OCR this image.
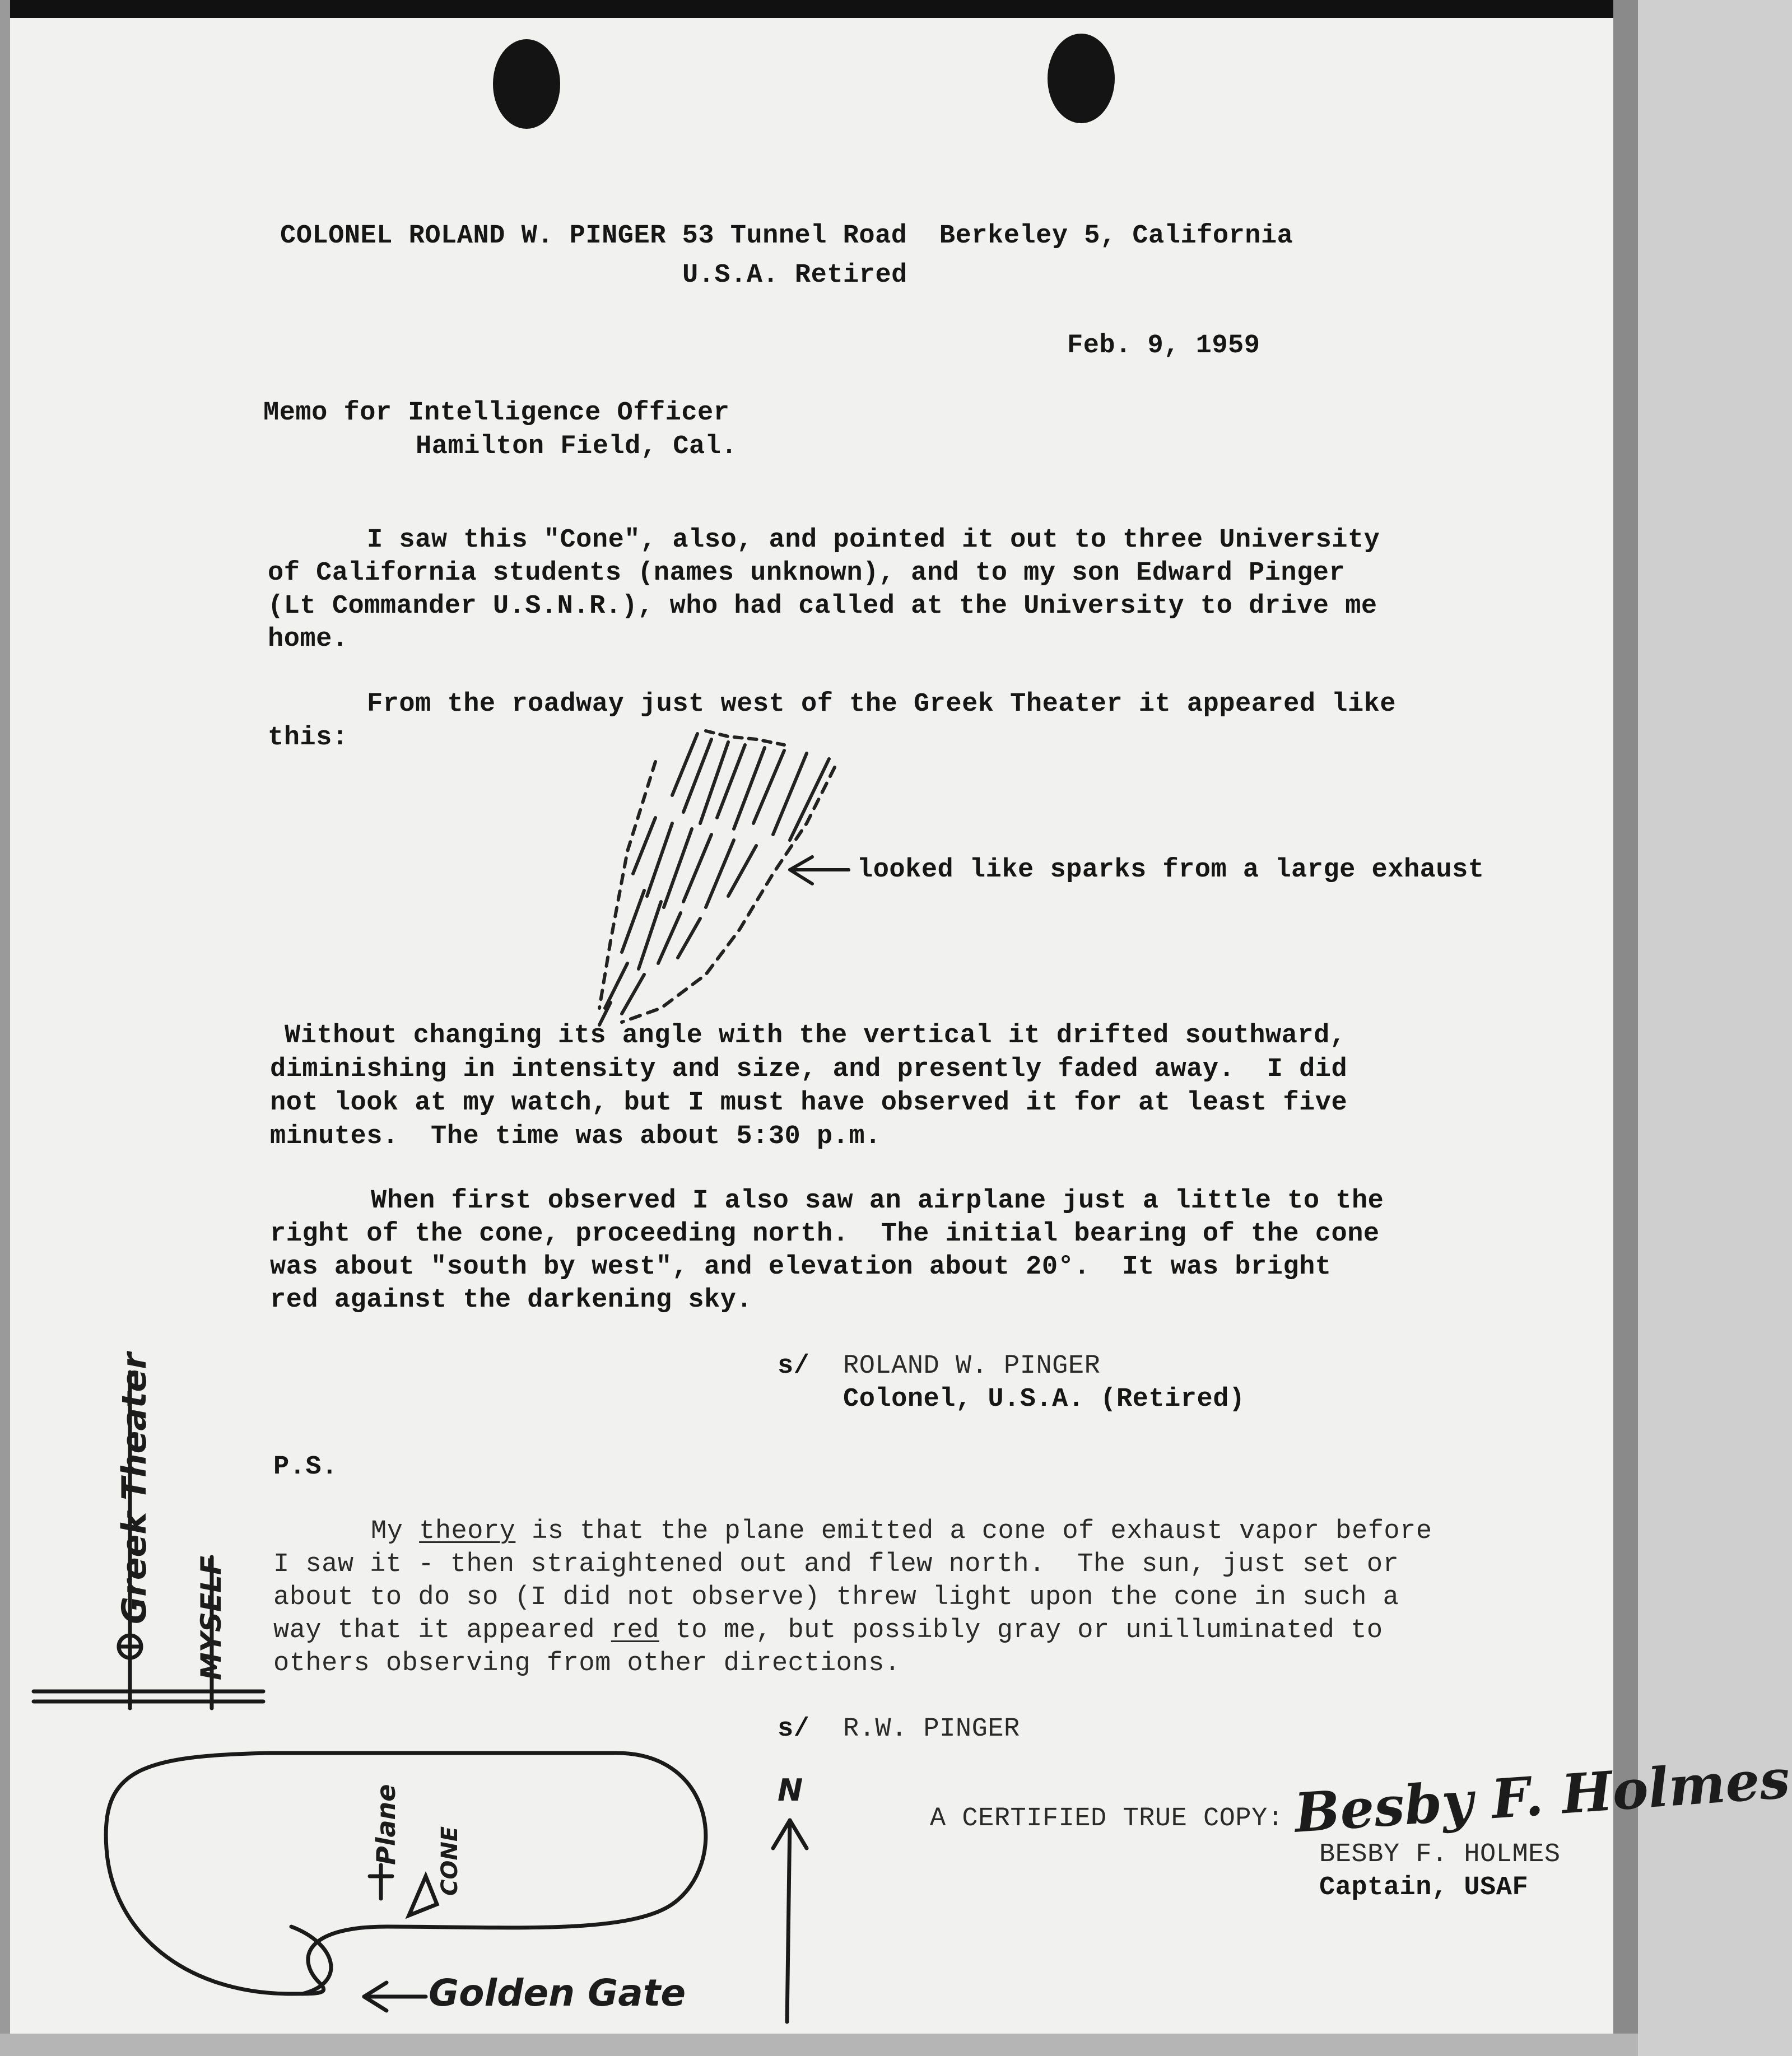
COLONEL ROLAND W. PINGER 53 Tunnel Road  Berkeley 5, California

U.S.A. Retired

Feb. 9, 1959

Memo for Intelligence Officer

Hamilton Field, Cal.

I saw this "Cone", also, and pointed it out to three University

of California students (names unknown), and to my son Edward Pinger

(Lt Commander U.S.N.R.), who had called at the University to drive me

home.

From the roadway just west of the Greek Theater it appeared like

this:

looked like sparks from a large exhaust

Without changing its angle with the vertical it drifted southward,

diminishing in intensity and size, and presently faded away.  I did

not look at my watch, but I must have observed it for at least five

minutes.  The time was about 5:30 p.m.

When first observed I also saw an airplane just a little to the

right of the cone, proceeding north.  The initial bearing of the cone

was about "south by west", and elevation about 20°.  It was bright

red against the darkening sky.

s/ ROLAND W. PINGER

Colonel, U.S.A. (Retired)

P.S.

My theory is that the plane emitted a cone of exhaust vapor before

I saw it - then straightened out and flew north.  The sun, just set or

about to do so (I did not observe) threw light upon the cone in such a

way that it appeared red to me, but possibly gray or unilluminated to

others observing from other directions.

s/ R.W. PINGER

A CERTIFIED TRUE COPY: Besby F. Holmes

BESBY F. HOLMES

Captain, USAF

Greek Theater MYSELF

Plane CONE

N

Golden Gate
